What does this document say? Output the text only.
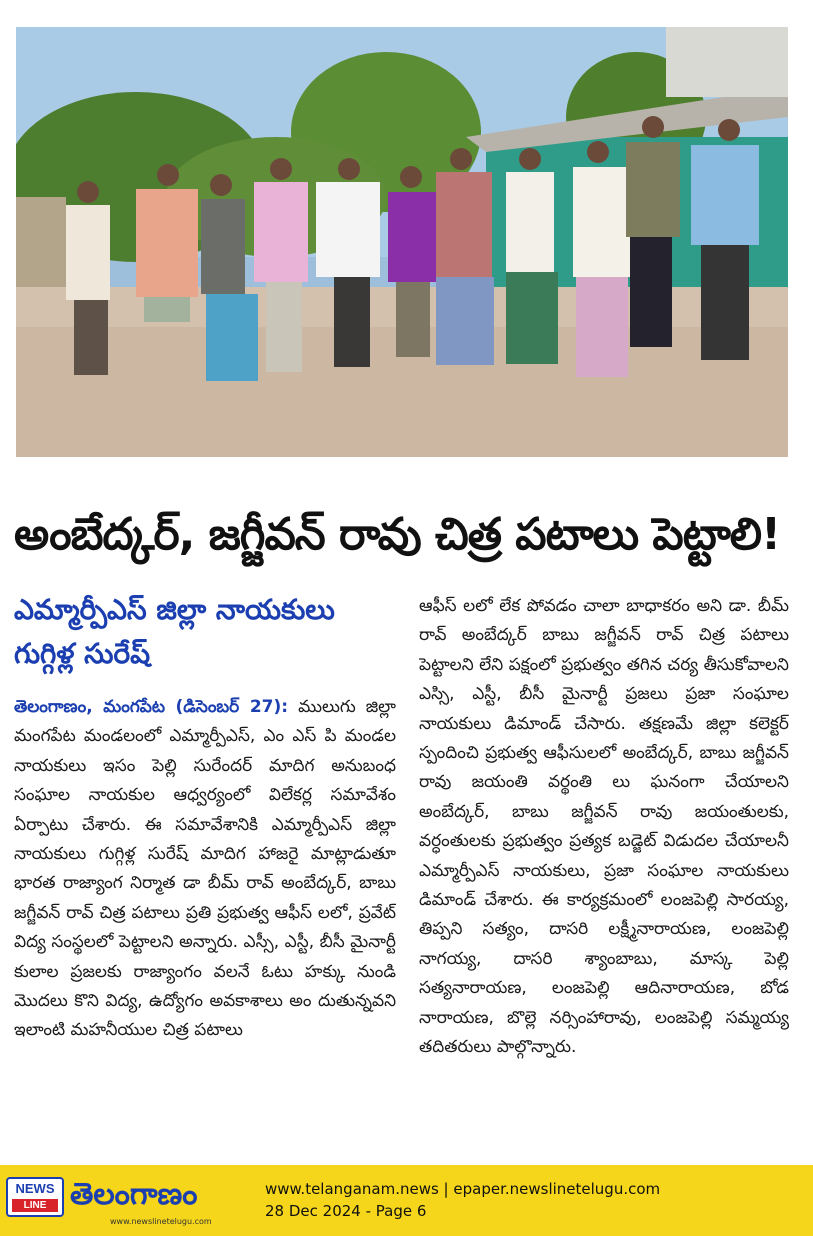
అంబేద్కర్, జగ్జీవన్ రావు చిత్ర పటాలు పెట్టాలి!
ఎమ్మార్పీఎస్ జిల్లా నాయకులు
గుగ్గిళ్ల సురేష్
తెలంగాణం, మంగపేట (డిసెంబర్ 27): ములుగు జిల్లా మంగపేట మండలంలో ఎమ్మార్పీఎస్, ఎం ఎస్ పి మండల నాయకులు ఇసం పెల్లి సురేందర్ మాదిగ అనుబంధ సంఘాల నాయకుల ఆధ్వర్యంలో విలేకర్ల సమావేశం ఏర్పాటు చేశారు. ఈ సమావేశానికి ఎమ్మార్పీఎస్ జిల్లా నాయకులు గుగ్గిళ్ల సురేష్ మాదిగ హాజరై మాట్లాడుతూ భారత రాజ్యాంగ నిర్మాత డా బీమ్ రావ్ అంబేద్కర్, బాబు జగ్జీవన్ రావ్ చిత్ర పటాలు ప్రతి ప్రభుత్వ ఆఫీస్ లలో, ప్రవేట్ విద్య సంస్థలలో పెట్టాలని అన్నారు. ఎస్సీ, ఎస్టీ, బీసీ మైనార్టీ కులాల ప్రజలకు రాజ్యాంగం వలనే ఓటు హక్కు నుండి మొదలు కొని విద్య, ఉద్యోగం అవకాశాలు అం దుతున్నవని ఇలాంటి మహనీయుల చిత్ర పటాలు
ఆఫీస్ లలో లేక పోవడం చాలా బాధాకరం అని డా. బీమ్ రావ్ అంబేద్కర్ బాబు జగ్జీవన్ రావ్ చిత్ర పటాలు పెట్టాలని లేని పక్షంలో ప్రభుత్వం తగిన చర్య తీసుకోవాలని ఎస్సి, ఎస్టీ, బీసీ మైనార్టీ ప్రజలు ప్రజా సంఘాల నాయకులు డిమాండ్ చేసారు. తక్షణమే జిల్లా కలెక్టర్ స్పందించి ప్రభుత్వ ఆఫీసులలో అంబేద్కర్, బాబు జగ్జీవన్ రావు జయంతి వర్థంతి లు ఘనంగా చేయాలని అంబేద్కర్, బాబు జగ్జీవన్ రావు జయంతులకు, వర్ధంతులకు ప్రభుత్వం ప్రత్యక బడ్జెట్ విడుదల చేయాలనీ ఎమ్మార్పీఎస్ నాయకులు, ప్రజా సంఘాల నాయకులు డిమాండ్ చేశారు. ఈ కార్యక్రమంలో లంజపెల్లి సారయ్య, తిప్పని సత్యం, దాసరి లక్ష్మీనారాయణ, లంజపెల్లి నాగయ్య, దాసరి శ్యాంబాబు, మాస్క పెల్లి సత్యనారాయణ, లంజపెల్లి ఆదినారాయణ, బోడ నారాయణ, బొల్లె నర్సింహారావు, లంజపెల్లి సమ్మయ్య తదితరులు పాల్గొన్నారు.
NEWS
LINE తెలంగాణం
www.newslinetelugu.com
www.telanganam.news | epaper.newslinetelugu.com
28 Dec 2024 - Page 6
